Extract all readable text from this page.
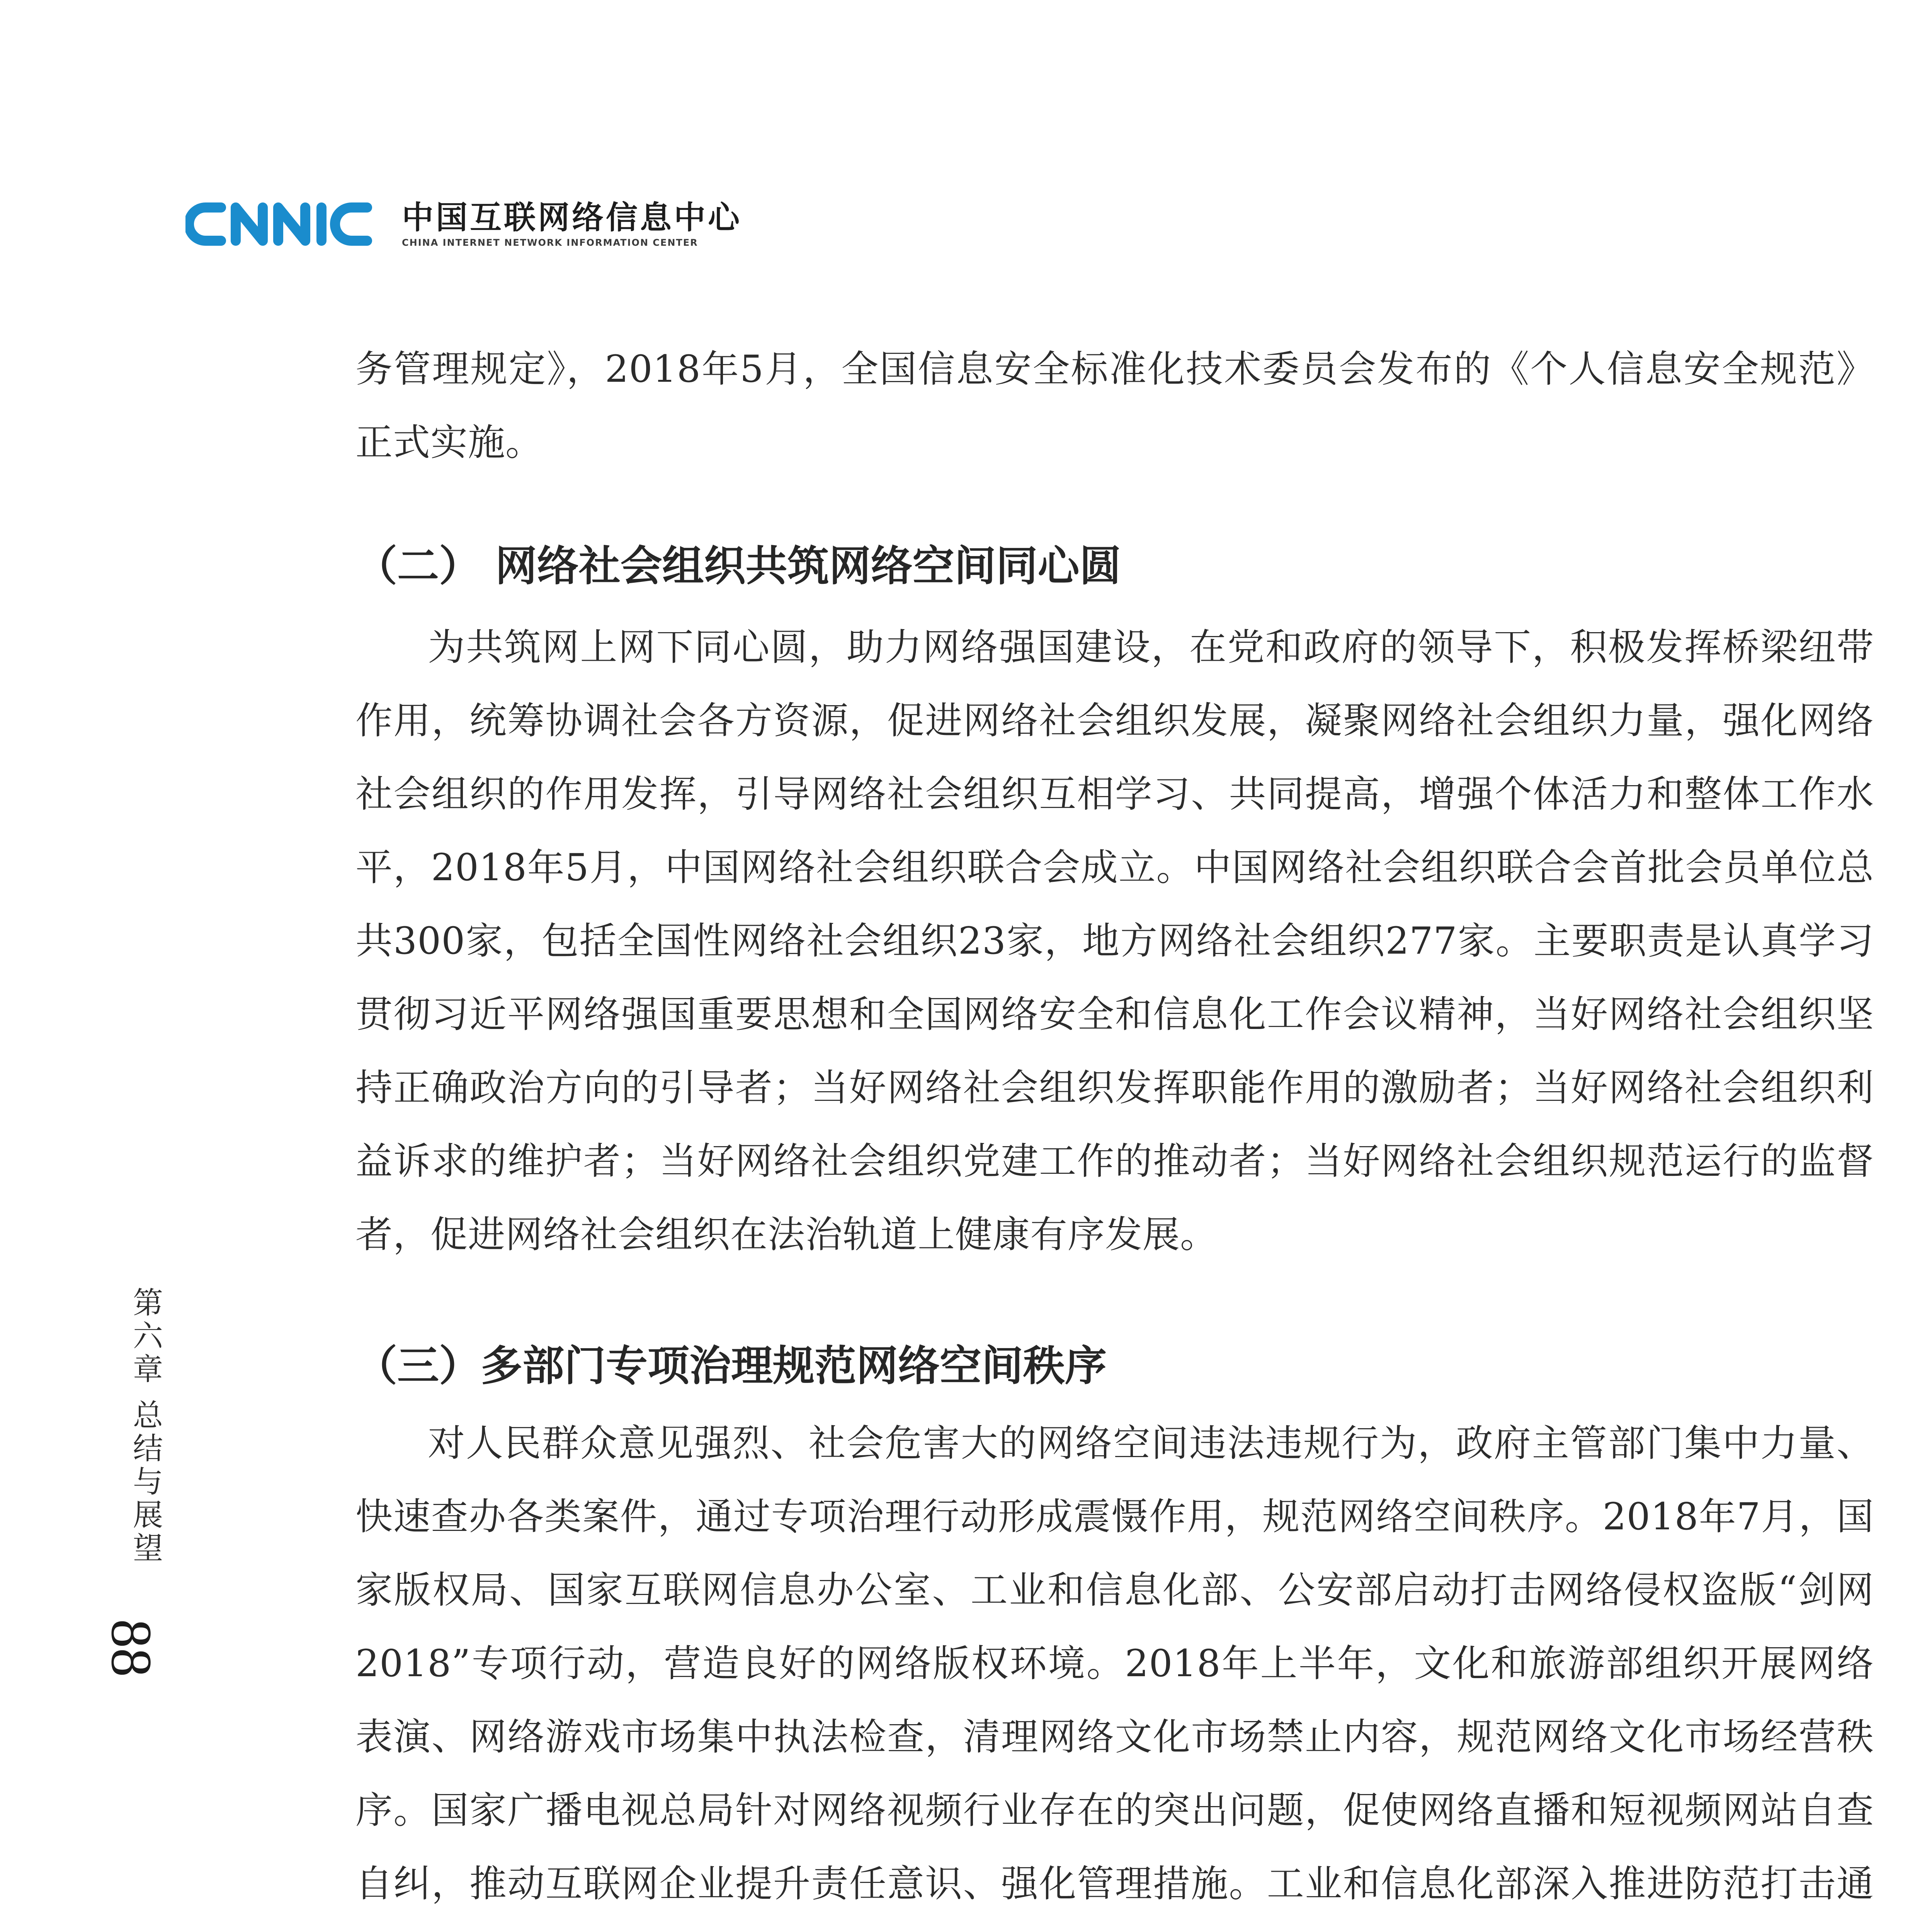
中国互联网络信息中心
CHINA INTERNET NETWORK INFORMATION CENTER

务管理规定》，2018年5月，全国信息安全标准化技术委员会发布的《个人信息安全规范》正式实施。

（二） 网络社会组织共筑网络空间同心圆

为共筑网上网下同心圆，助力网络强国建设，在党和政府的领导下，积极发挥桥梁纽带作用，统筹协调社会各方资源，促进网络社会组织发展，凝聚网络社会组织力量，强化网络社会组织的作用发挥，引导网络社会组织互相学习、共同提高，增强个体活力和整体工作水平，2018年5月，中国网络社会组织联合会成立。中国网络社会组织联合会首批会员单位总共300家，包括全国性网络社会组织23家，地方网络社会组织277家。主要职责是认真学习贯彻习近平网络强国重要思想和全国网络安全和信息化工作会议精神，当好网络社会组织坚持正确政治方向的引导者；当好网络社会组织发挥职能作用的激励者；当好网络社会组织利益诉求的维护者；当好网络社会组织党建工作的推动者；当好网络社会组织规范运行的监督者，促进网络社会组织在法治轨道上健康有序发展。

（三）多部门专项治理规范网络空间秩序

对人民群众意见强烈、社会危害大的网络空间违法违规行为，政府主管部门集中力量、快速查办各类案件，通过专项治理行动形成震慑作用，规范网络空间秩序。2018年7月，国家版权局、国家互联网信息办公室、工业和信息化部、公安部启动打击网络侵权盗版“剑网2018”专项行动，营造良好的网络版权环境。2018年上半年，文化和旅游部组织开展网络表演、网络游戏市场集中执法检查，清理网络文化市场禁止内容，规范网络文化市场经营秩序。国家广播电视总局针对网络视频行业存在的突出问题，促使网络直播和短视频网站自查自纠，推动互联网企业提升责任意识、强化管理措施。工业和信息化部深入推进防范打击通

第六章 总结与展望
88
